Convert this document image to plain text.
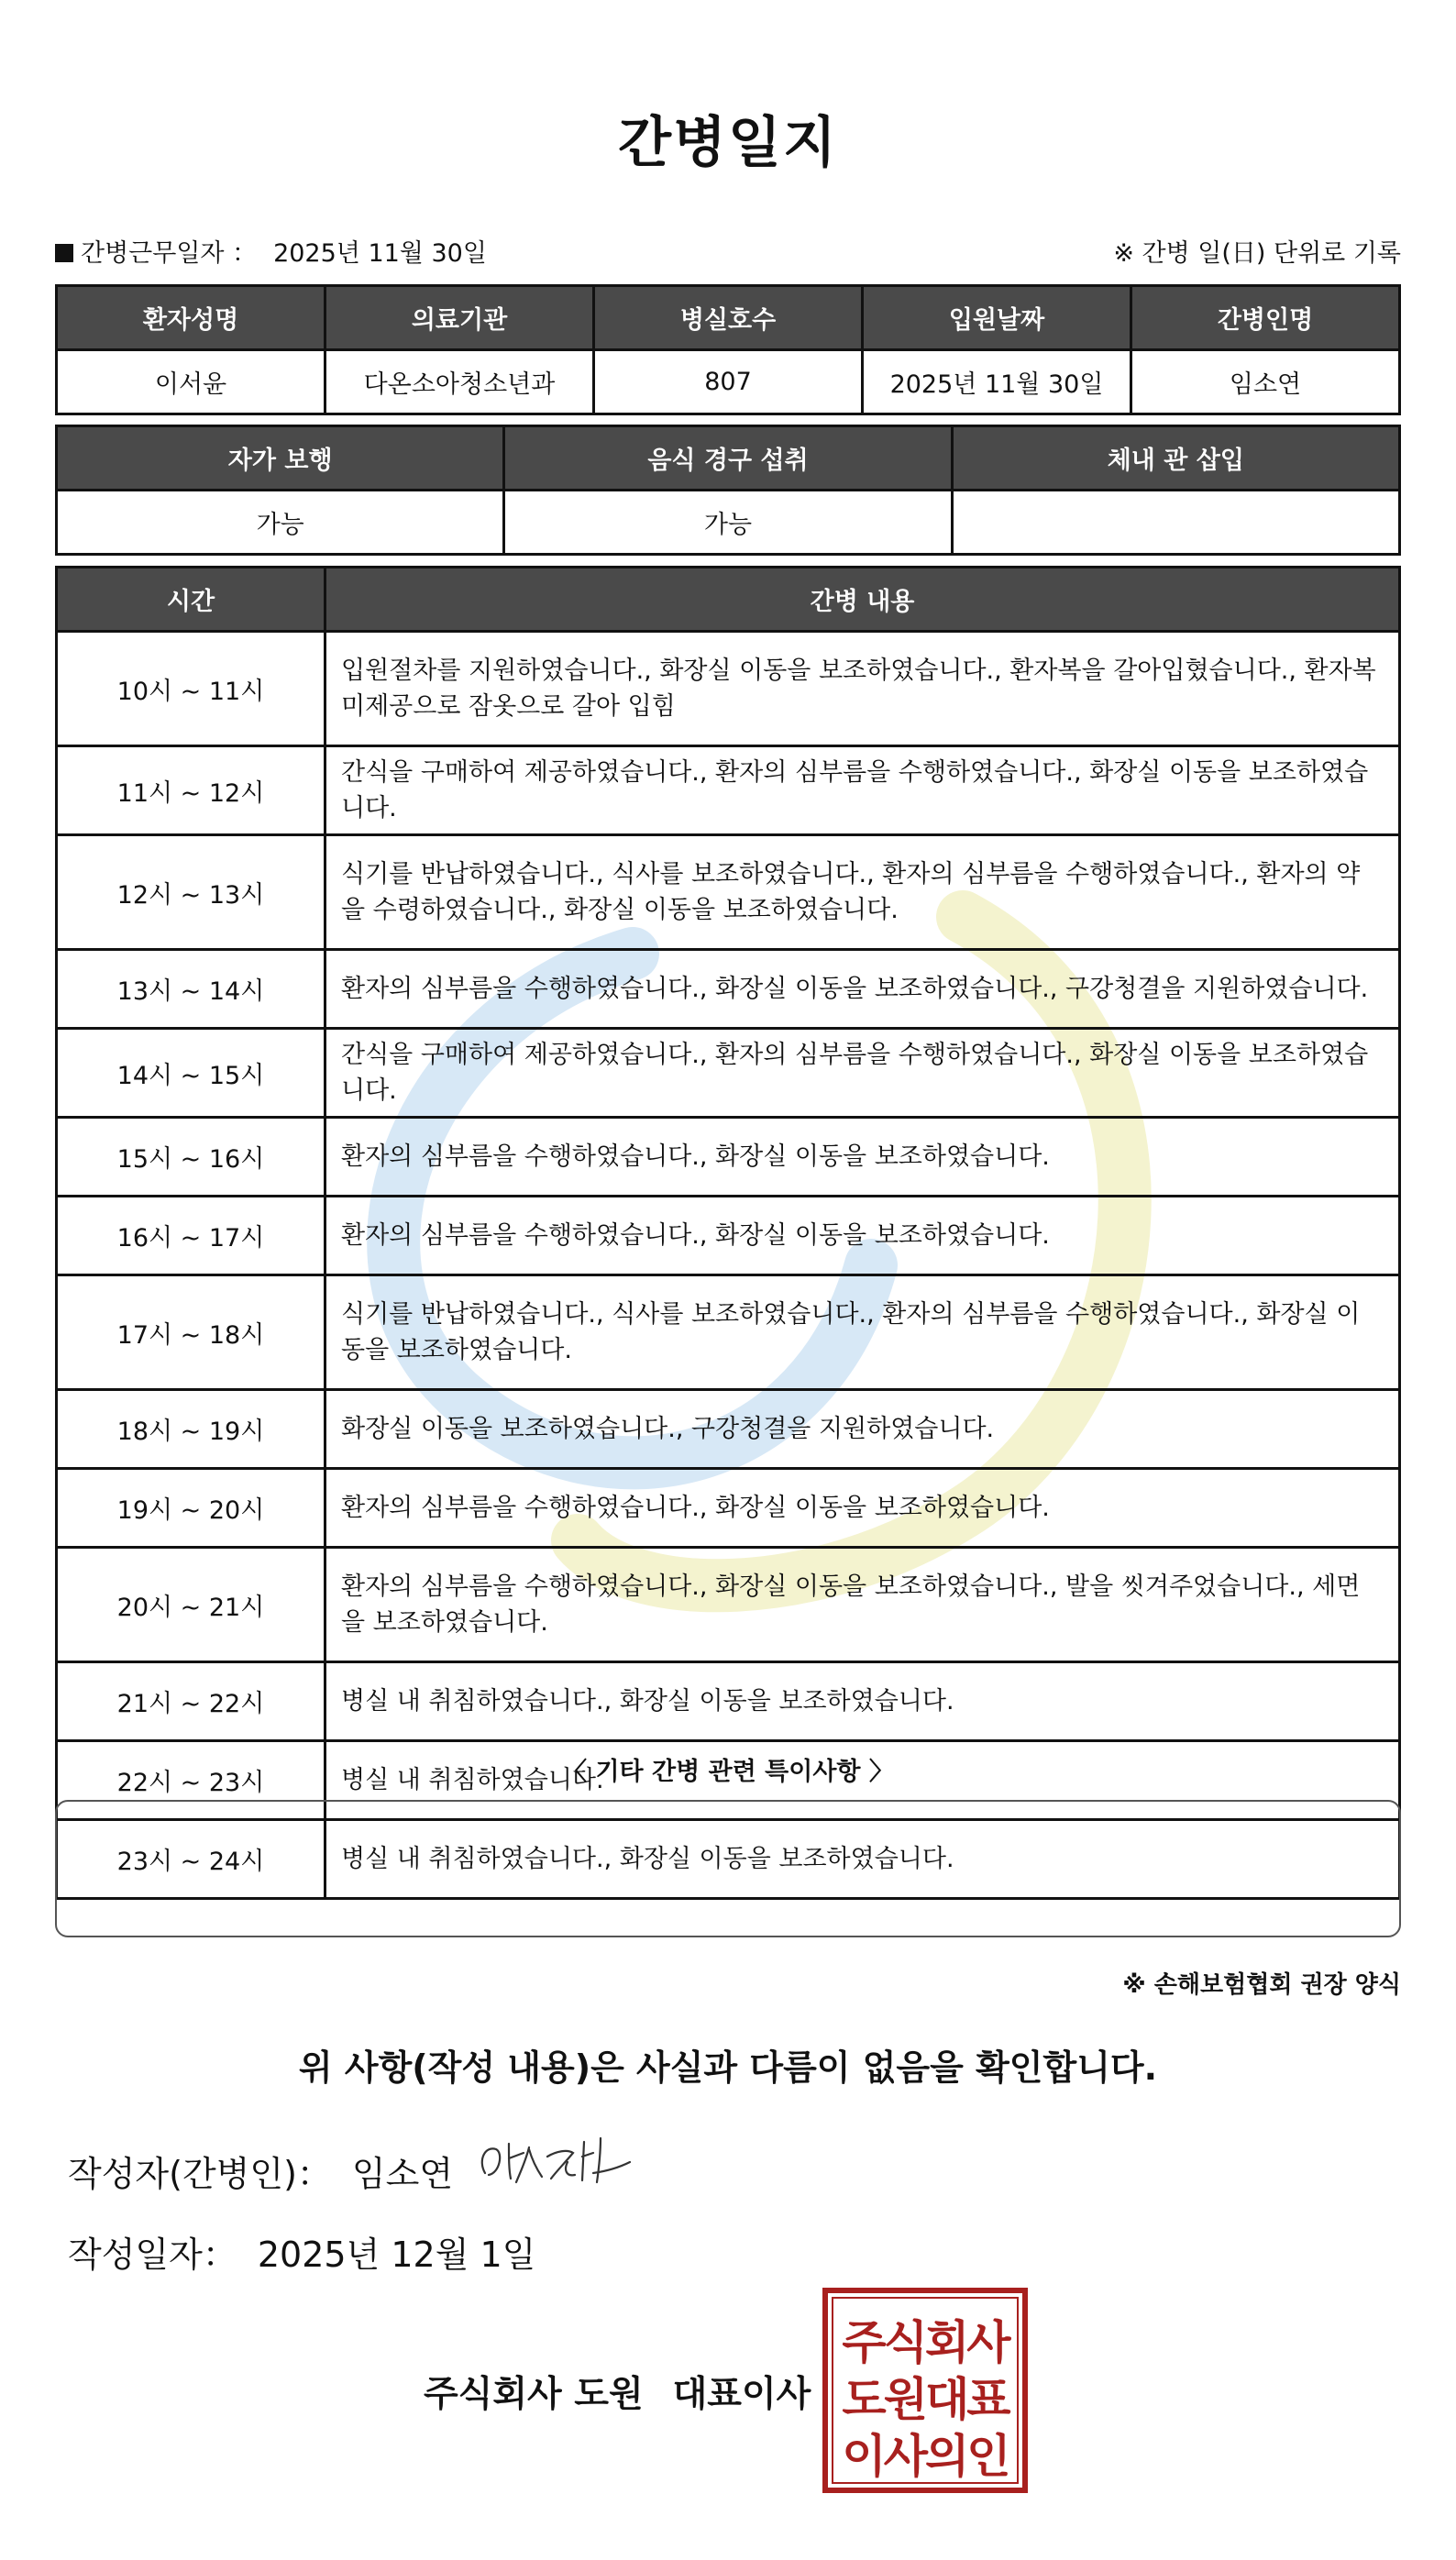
간병일지
간병근무일자 ： 2025년 11월 30일	※ 간병 일(日) 단위로 기록
환자성명	의료기관	병실호수	입원날짜	간병인명
이서윤	다온소아청소년과	807	2025년 11월 30일	임소연
자가 보행	음식 경구 섭취	체내 관 삽입
가능	가능	
시간	간병 내용
10시 ~ 11시	입원절차를 지원하였습니다., 화장실 이동을 보조하였습니다., 환자복을 갈아입혔습니다., 환자복 미제공으로 잠옷으로 갈아 입힘
11시 ~ 12시	간식을 구매하여 제공하였습니다., 환자의 심부름을 수행하였습니다., 화장실 이동을 보조하였습니다.
12시 ~ 13시	식기를 반납하였습니다., 식사를 보조하였습니다., 환자의 심부름을 수행하였습니다., 환자의 약을 수령하였습니다., 화장실 이동을 보조하였습니다.
13시 ~ 14시	환자의 심부름을 수행하였습니다., 화장실 이동을 보조하였습니다., 구강청결을 지원하였습니다.
14시 ~ 15시	간식을 구매하여 제공하였습니다., 환자의 심부름을 수행하였습니다., 화장실 이동을 보조하였습니다.
15시 ~ 16시	환자의 심부름을 수행하였습니다., 화장실 이동을 보조하였습니다.
16시 ~ 17시	환자의 심부름을 수행하였습니다., 화장실 이동을 보조하였습니다.
17시 ~ 18시	식기를 반납하였습니다., 식사를 보조하였습니다., 환자의 심부름을 수행하였습니다., 화장실 이동을 보조하였습니다.
18시 ~ 19시	화장실 이동을 보조하였습니다., 구강청결을 지원하였습니다.
19시 ~ 20시	환자의 심부름을 수행하였습니다., 화장실 이동을 보조하였습니다.
20시 ~ 21시	환자의 심부름을 수행하였습니다., 화장실 이동을 보조하였습니다., 발을 씻겨주었습니다., 세면을 보조하였습니다.
21시 ~ 22시	병실 내 취침하였습니다., 화장실 이동을 보조하였습니다.
22시 ~ 23시	병실 내 취침하였습니다.
23시 ~ 24시	병실 내 취침하였습니다., 화장실 이동을 보조하였습니다.
〈 기타 간병 관련 특이사항 〉
※ 손해보험협회 권장 양식
위 사항(작성 내용)은 사실과 다름이 없음을 확인합니다.
작성자(간병인)： 임소연
작성일자： 2025년 12월 1일
주식회사 도원 대표이사
주식회사
도원대표
이사의인
